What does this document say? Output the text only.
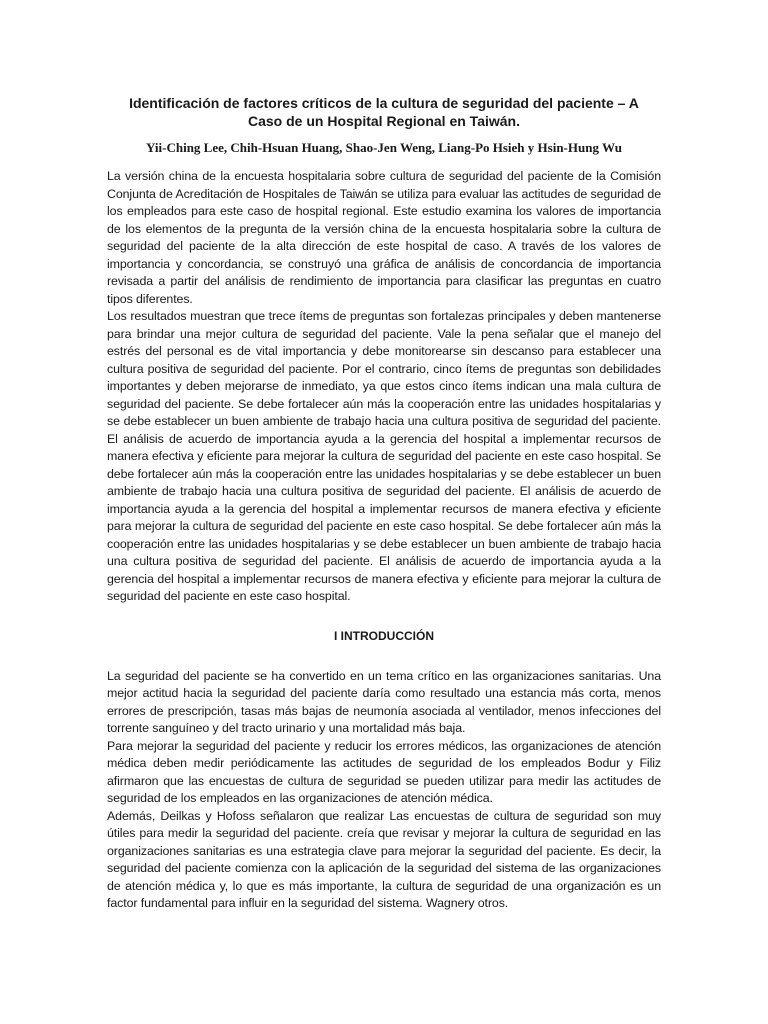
Identificación de factores críticos de la cultura de seguridad del paciente – A
Caso de un Hospital Regional en Taiwán.

Yii-Ching Lee, Chih-Hsuan Huang, Shao-Jen Weng, Liang-Po Hsieh y Hsin-Hung Wu

La versión china de la encuesta hospitalaria sobre cultura de seguridad del paciente de la Comisión Conjunta de Acreditación de Hospitales de Taiwán se utiliza para evaluar las actitudes de seguridad de los empleados para este caso de hospital regional. Este estudio examina los valores de importancia de los elementos de la pregunta de la versión china de la encuesta hospitalaria sobre la cultura de seguridad del paciente de la alta dirección de este hospital de caso. A través de los valores de importancia y concordancia, se construyó una gráfica de análisis de concordancia de importancia revisada a partir del análisis de rendimiento de importancia para clasificar las preguntas en cuatro tipos diferentes.

Los resultados muestran que trece ítems de preguntas son fortalezas principales y deben mantenerse para brindar una mejor cultura de seguridad del paciente. Vale la pena señalar que el manejo del estrés del personal es de vital importancia y debe monitorearse sin descanso para establecer una cultura positiva de seguridad del paciente. Por el contrario, cinco ítems de preguntas son debilidades importantes y deben mejorarse de inmediato, ya que estos cinco ítems indican una mala cultura de seguridad del paciente. Se debe fortalecer aún más la cooperación entre las unidades hospitalarias y se debe establecer un buen ambiente de trabajo hacia una cultura positiva de seguridad del paciente. El análisis de acuerdo de importancia ayuda a la gerencia del hospital a implementar recursos de manera efectiva y eficiente para mejorar la cultura de seguridad del paciente en este caso hospital. Se debe fortalecer aún más la cooperación entre las unidades hospitalarias y se debe establecer un buen ambiente de trabajo hacia una cultura positiva de seguridad del paciente. El análisis de acuerdo de importancia ayuda a la gerencia del hospital a implementar recursos de manera efectiva y eficiente para mejorar la cultura de seguridad del paciente en este caso hospital. Se debe fortalecer aún más la cooperación entre las unidades hospitalarias y se debe establecer un buen ambiente de trabajo hacia una cultura positiva de seguridad del paciente. El análisis de acuerdo de importancia ayuda a la gerencia del hospital a implementar recursos de manera efectiva y eficiente para mejorar la cultura de seguridad del paciente en este caso hospital.

I INTRODUCCIÓN

La seguridad del paciente se ha convertido en un tema crítico en las organizaciones sanitarias. Una mejor actitud hacia la seguridad del paciente daría como resultado una estancia más corta, menos errores de prescripción, tasas más bajas de neumonía asociada al ventilador, menos infecciones del torrente sanguíneo y del tracto urinario y una mortalidad más baja.

Para mejorar la seguridad del paciente y reducir los errores médicos, las organizaciones de atención médica deben medir periódicamente las actitudes de seguridad de los empleados Bodur y Filiz afirmaron que las encuestas de cultura de seguridad se pueden utilizar para medir las actitudes de seguridad de los empleados en las organizaciones de atención médica.

Además, Deilkas y Hofoss señalaron que realizar Las encuestas de cultura de seguridad son muy útiles para medir la seguridad del paciente. creía que revisar y mejorar la cultura de seguridad en las organizaciones sanitarias es una estrategia clave para mejorar la seguridad del paciente. Es decir, la seguridad del paciente comienza con la aplicación de la seguridad del sistema de las organizaciones de atención médica y, lo que es más importante, la cultura de seguridad de una organización es un factor fundamental para influir en la seguridad del sistema. Wagnery otros.
